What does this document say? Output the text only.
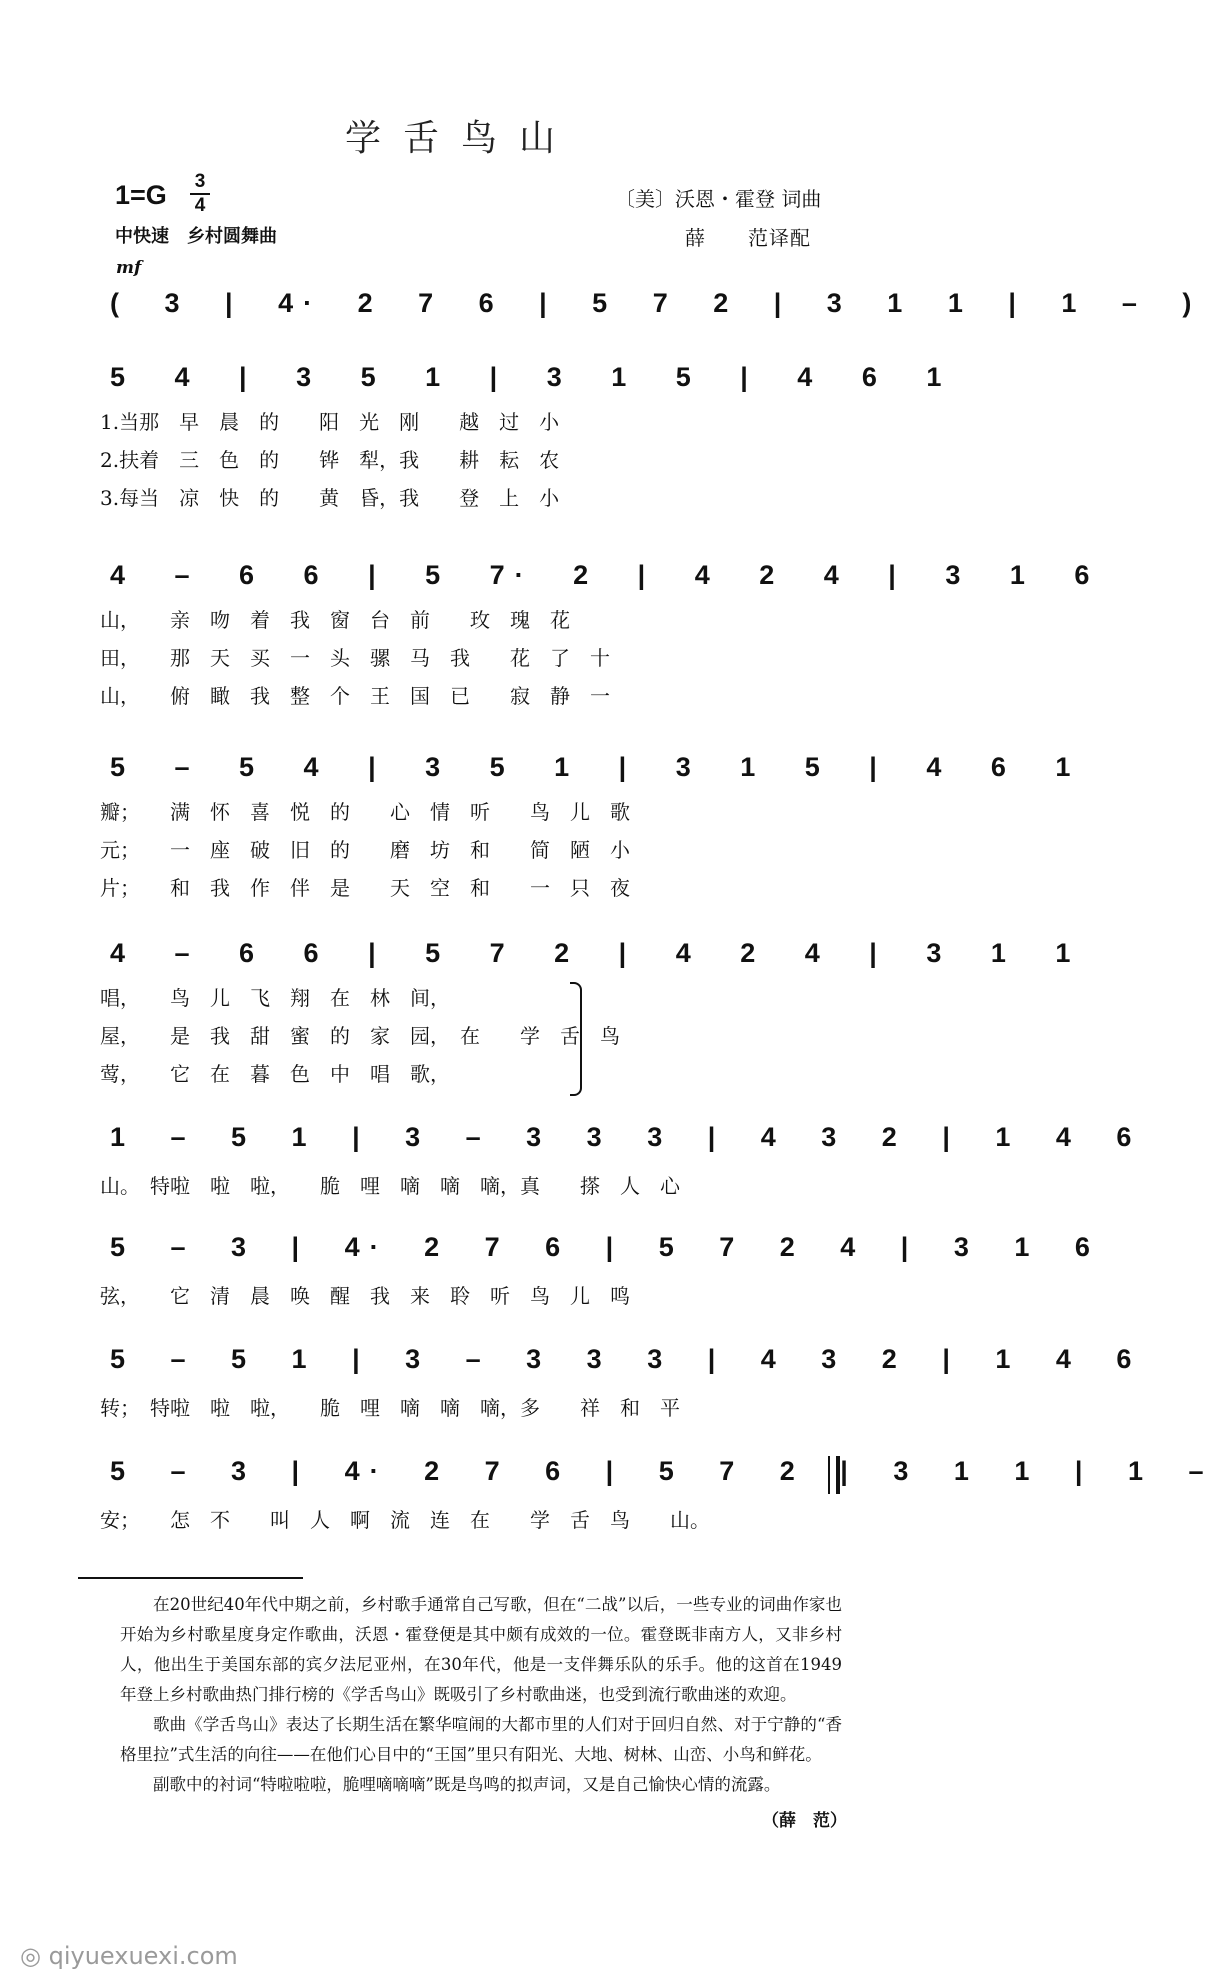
学舌鸟山
1=G 3
4	〔美〕沃恩・霍登 词曲
薛　　范译配
中快速　乡村圆舞曲
mf
( 3 | 4· 2 7 6 | 5 7 2 | 3 1 1 | 1 – )
5 4 | 3 5 1 | 3 1 5 | 4 6 1
1.当那　早　晨　的　　阳　光　刚　　越　过　小
2.扶着　三　色　的　　铧　犁，我　　耕　耘　农
3.每当　凉　快　的　　黄　昏，我　　登　上　小
4 – 6 6 | 5 7· 2 | 4 2 4 | 3 1 6
山，　　亲　吻　着　我　窗　台　前　　玫　瑰　花
田，　　那　天　买　一　头　骡　马　我　　花　了　十
山，　　俯　瞰　我　整　个　王　国　已　　寂　静　一
5 – 5 4 | 3 5 1 | 3 1 5 | 4 6 1
瓣；　　满　怀　喜　悦　的　　心　情　听　　鸟　儿　歌
元；　　一　座　破　旧　的　　磨　坊　和　　简　陋　小
片；　　和　我　作　伴　是　　天　空　和　　一　只　夜
4 – 6 6 | 5 7 2 | 4 2 4 | 3 1 1
唱，　　鸟　儿　飞　翔　在　林　间，
屋，　　是　我　甜　蜜　的　家　园，　在　　学　舌　鸟
莺，　　它　在　暮　色　中　唱　歌，
1 – 5 1 | 3 – 3 3 3 | 4 3 2 | 1 4 6
山。　特啦　啦　啦，　　脆　哩　嘀　嘀　嘀，真　　搽　人　心
5 – 3 | 4· 2 7 6 | 5 7 2 4 | 3 1 6
弦，　　它　清　晨　唤　醒　我　来　聆　听　鸟　儿　鸣
5 – 5 1 | 3 – 3 3 3 | 4 3 2 | 1 4 6
转；　特啦　啦　啦，　　脆　哩　嘀　嘀　嘀，多　　祥　和　平
5 – 3 | 4· 2 7 6 | 5 7 2 | 3 1 1 | 1 –
安；　　怎　不　　叫　人　啊　流　连　在　　学　舌　鸟　　山。

在20世纪40年代中期之前，乡村歌手通常自己写歌，但在“二战”以后，一些专业的词曲作家也开始为乡村歌星度身定作歌曲，沃恩・霍登便是其中颇有成效的一位。霍登既非南方人，又非乡村人，他出生于美国东部的宾夕法尼亚州，在30年代，他是一支伴舞乐队的乐手。他的这首在1949年登上乡村歌曲热门排行榜的《学舌鸟山》既吸引了乡村歌曲迷，也受到流行歌曲迷的欢迎。

歌曲《学舌鸟山》表达了长期生活在繁华喧闹的大都市里的人们对于回归自然、对于宁静的“香格里拉”式生活的向往——在他们心目中的“王国”里只有阳光、大地、树林、山峦、小鸟和鲜花。

副歌中的衬词“特啦啦啦，脆哩嘀嘀嘀”既是鸟鸣的拟声词，又是自己愉快心情的流露。

（薛　范）
◎ qiyuexuexi.com
